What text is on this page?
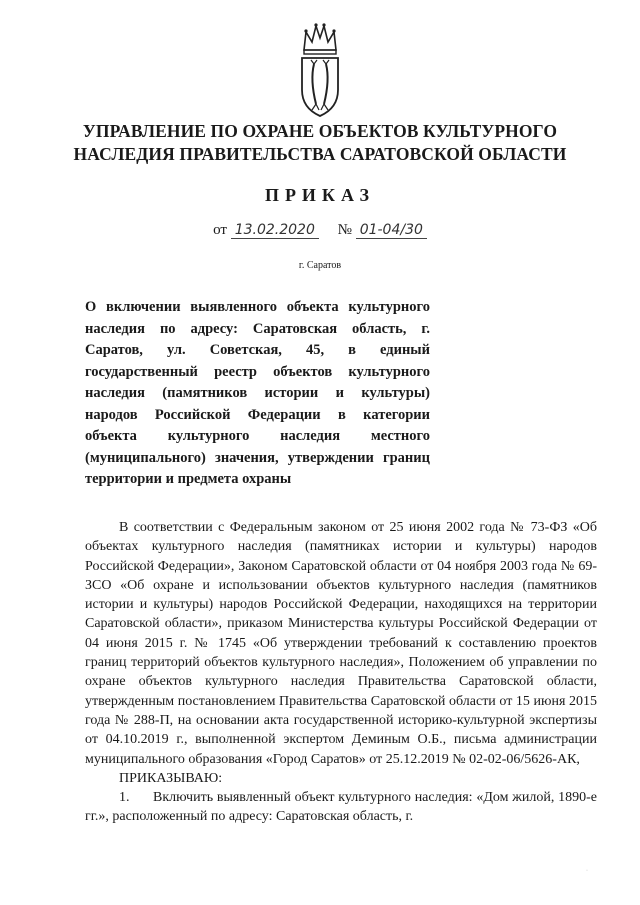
УПРАВЛЕНИЕ ПО ОХРАНЕ ОБЪЕКТОВ КУЛЬТУРНОГО
НАСЛЕДИЯ ПРАВИТЕЛЬСТВА САРАТОВСКОЙ ОБЛАСТИ
ПРИКАЗ
от 13.02.2020 № 01-04/30
г. Саратов
О включении выявленного объекта культурного наследия по адресу: Саратовская область, г. Саратов, ул. Советская, 45, в единый государственный реестр объектов культурного наследия (памятников истории и культуры) народов Российской Федерации в категории объекта культурного наследия местного (муниципального) значения, утверждении границ территории и предмета охраны

В соответствии с Федеральным законом от 25 июня 2002 года № 73-ФЗ «Об объектах культурного наследия (памятниках истории и культуры) народов Российской Федерации», Законом Саратовской области от 04 ноября 2003 года № 69-ЗСО «Об охране и использовании объектов культурного наследия (памятников истории и культуры) народов Российской Федерации, находящихся на территории Саратовской области», приказом Министерства культуры Российской Федерации от 04 июня 2015 г. № 1745 «Об утверждении требований к составлению проектов границ территорий объектов культурного наследия», Положением об управлении по охране объектов культурного наследия Правительства Саратовской области, утвержденным постановлением Правительства Саратовской области от 15 июня 2015 года № 288-П, на основании акта государственной историко-культурной экспертизы от 04.10.2019 г., выполненной экспертом Деминым О.Б., письма администрации муниципального образования «Город Саратов» от 25.12.2019 № 02-02-06/5626-АК,

ПРИКАЗЫВАЮ:

1. Включить выявленный объект культурного наследия: «Дом жилой, 1890-е гг.», расположенный по адресу: Саратовская область, г.

·
